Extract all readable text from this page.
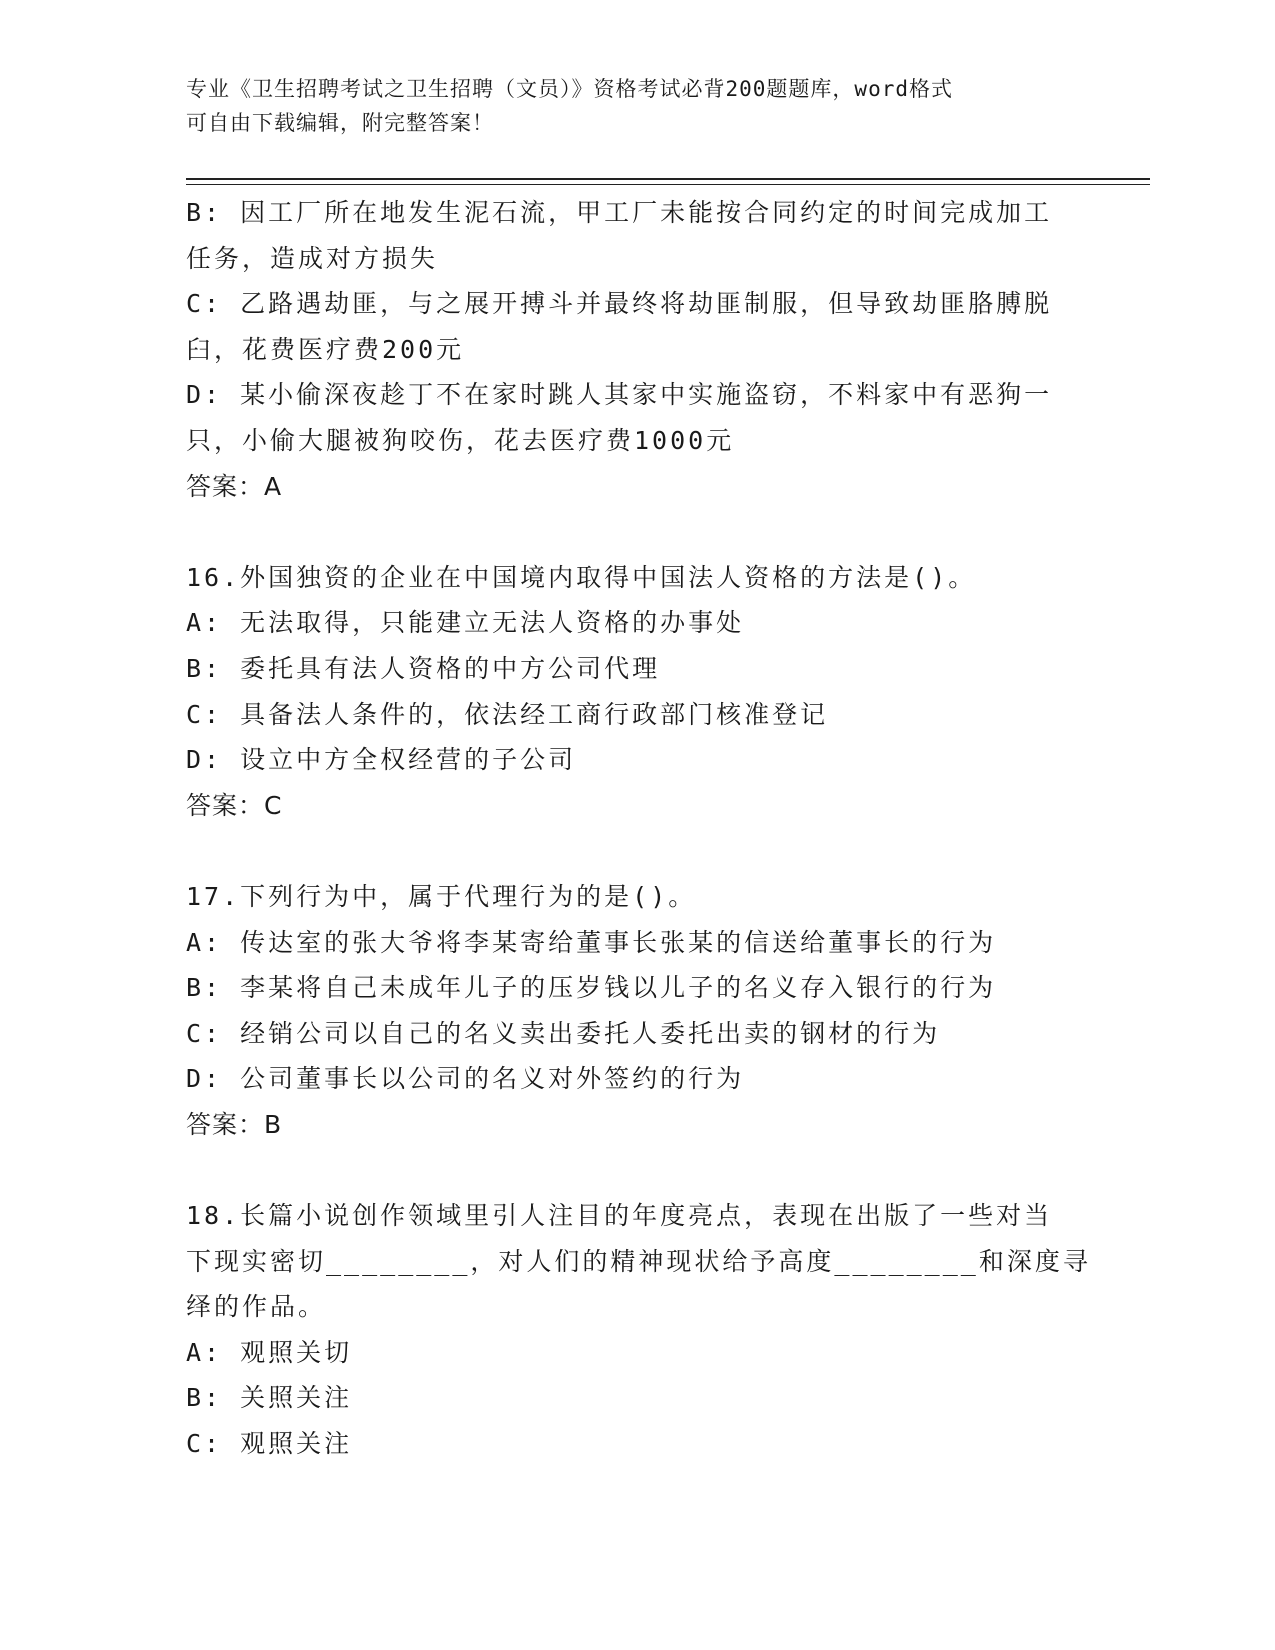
专业《卫生招聘考试之卫生招聘（文员）》资格考试必背200题题库，word格式
可自由下载编辑，附完整答案！
B: 因工厂所在地发生泥石流，甲工厂未能按合同约定的时间完成加工
任务，造成对方损失
C: 乙路遇劫匪，与之展开搏斗并最终将劫匪制服，但导致劫匪胳膊脱
臼，花费医疗费200元
D: 某小偷深夜趁丁不在家时跳人其家中实施盗窃，不料家中有恶狗一
只，小偷大腿被狗咬伤，花去医疗费1000元
答案：A
16.外国独资的企业在中国境内取得中国法人资格的方法是()。
A: 无法取得，只能建立无法人资格的办事处
B: 委托具有法人资格的中方公司代理
C: 具备法人条件的，依法经工商行政部门核准登记
D: 设立中方全权经营的子公司
答案：C
17.下列行为中，属于代理行为的是()。
A: 传达室的张大爷将李某寄给董事长张某的信送给董事长的行为
B: 李某将自己未成年儿子的压岁钱以儿子的名义存入银行的行为
C: 经销公司以自己的名义卖出委托人委托出卖的钢材的行为
D: 公司董事长以公司的名义对外签约的行为
答案：B
18.长篇小说创作领域里引人注目的年度亮点，表现在出版了一些对当
下现实密切________，对人们的精神现状给予高度________和深度寻
绎的作品。
A: 观照关切
B: 关照关注
C: 观照关注
